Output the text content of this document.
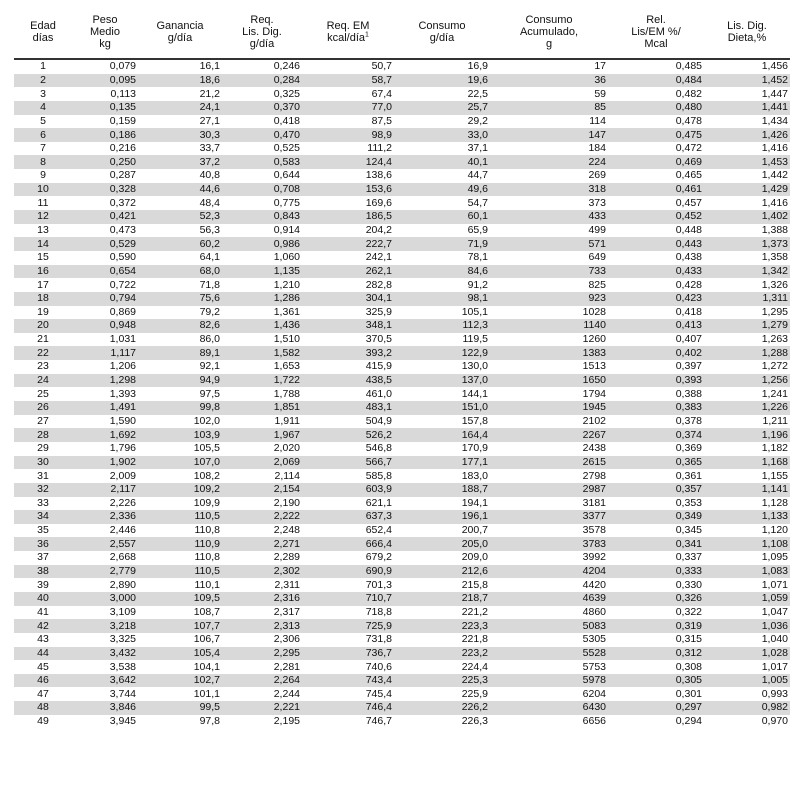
Edad
días	Peso
Medio
kg	Ganancia
g/día	Req.
Lis. Dig.
g/día	Req. EM
kcal/día$^1$	Consumo
g/día	Consumo
Acumulado,
g	Rel.
Lis/EM %/
Mcal	Lis. Dig.
Dieta,%
1	0,079	16,1	0,246	50,7	16,9	17	0,485	1,456
2	0,095	18,6	0,284	58,7	19,6	36	0,484	1,452
3	0,113	21,2	0,325	67,4	22,5	59	0,482	1,447
4	0,135	24,1	0,370	77,0	25,7	85	0,480	1,441
5	0,159	27,1	0,418	87,5	29,2	114	0,478	1,434
6	0,186	30,3	0,470	98,9	33,0	147	0,475	1,426
7	0,216	33,7	0,525	111,2	37,1	184	0,472	1,416
8	0,250	37,2	0,583	124,4	40,1	224	0,469	1,453
9	0,287	40,8	0,644	138,6	44,7	269	0,465	1,442
10	0,328	44,6	0,708	153,6	49,6	318	0,461	1,429
11	0,372	48,4	0,775	169,6	54,7	373	0,457	1,416
12	0,421	52,3	0,843	186,5	60,1	433	0,452	1,402
13	0,473	56,3	0,914	204,2	65,9	499	0,448	1,388
14	0,529	60,2	0,986	222,7	71,9	571	0,443	1,373
15	0,590	64,1	1,060	242,1	78,1	649	0,438	1,358
16	0,654	68,0	1,135	262,1	84,6	733	0,433	1,342
17	0,722	71,8	1,210	282,8	91,2	825	0,428	1,326
18	0,794	75,6	1,286	304,1	98,1	923	0,423	1,311
19	0,869	79,2	1,361	325,9	105,1	1028	0,418	1,295
20	0,948	82,6	1,436	348,1	112,3	1140	0,413	1,279
21	1,031	86,0	1,510	370,5	119,5	1260	0,407	1,263
22	1,117	89,1	1,582	393,2	122,9	1383	0,402	1,288
23	1,206	92,1	1,653	415,9	130,0	1513	0,397	1,272
24	1,298	94,9	1,722	438,5	137,0	1650	0,393	1,256
25	1,393	97,5	1,788	461,0	144,1	1794	0,388	1,241
26	1,491	99,8	1,851	483,1	151,0	1945	0,383	1,226
27	1,590	102,0	1,911	504,9	157,8	2102	0,378	1,211
28	1,692	103,9	1,967	526,2	164,4	2267	0,374	1,196
29	1,796	105,5	2,020	546,8	170,9	2438	0,369	1,182
30	1,902	107,0	2,069	566,7	177,1	2615	0,365	1,168
31	2,009	108,2	2,114	585,8	183,0	2798	0,361	1,155
32	2,117	109,2	2,154	603,9	188,7	2987	0,357	1,141
33	2,226	109,9	2,190	621,1	194,1	3181	0,353	1,128
34	2,336	110,5	2,222	637,3	196,1	3377	0,349	1,133
35	2,446	110,8	2,248	652,4	200,7	3578	0,345	1,120
36	2,557	110,9	2,271	666,4	205,0	3783	0,341	1,108
37	2,668	110,8	2,289	679,2	209,0	3992	0,337	1,095
38	2,779	110,5	2,302	690,9	212,6	4204	0,333	1,083
39	2,890	110,1	2,311	701,3	215,8	4420	0,330	1,071
40	3,000	109,5	2,316	710,7	218,7	4639	0,326	1,059
41	3,109	108,7	2,317	718,8	221,2	4860	0,322	1,047
42	3,218	107,7	2,313	725,9	223,3	5083	0,319	1,036
43	3,325	106,7	2,306	731,8	221,8	5305	0,315	1,040
44	3,432	105,4	2,295	736,7	223,2	5528	0,312	1,028
45	3,538	104,1	2,281	740,6	224,4	5753	0,308	1,017
46	3,642	102,7	2,264	743,4	225,3	5978	0,305	1,005
47	3,744	101,1	2,244	745,4	225,9	6204	0,301	0,993
48	3,846	99,5	2,221	746,4	226,2	6430	0,297	0,982
49	3,945	97,8	2,195	746,7	226,3	6656	0,294	0,970
